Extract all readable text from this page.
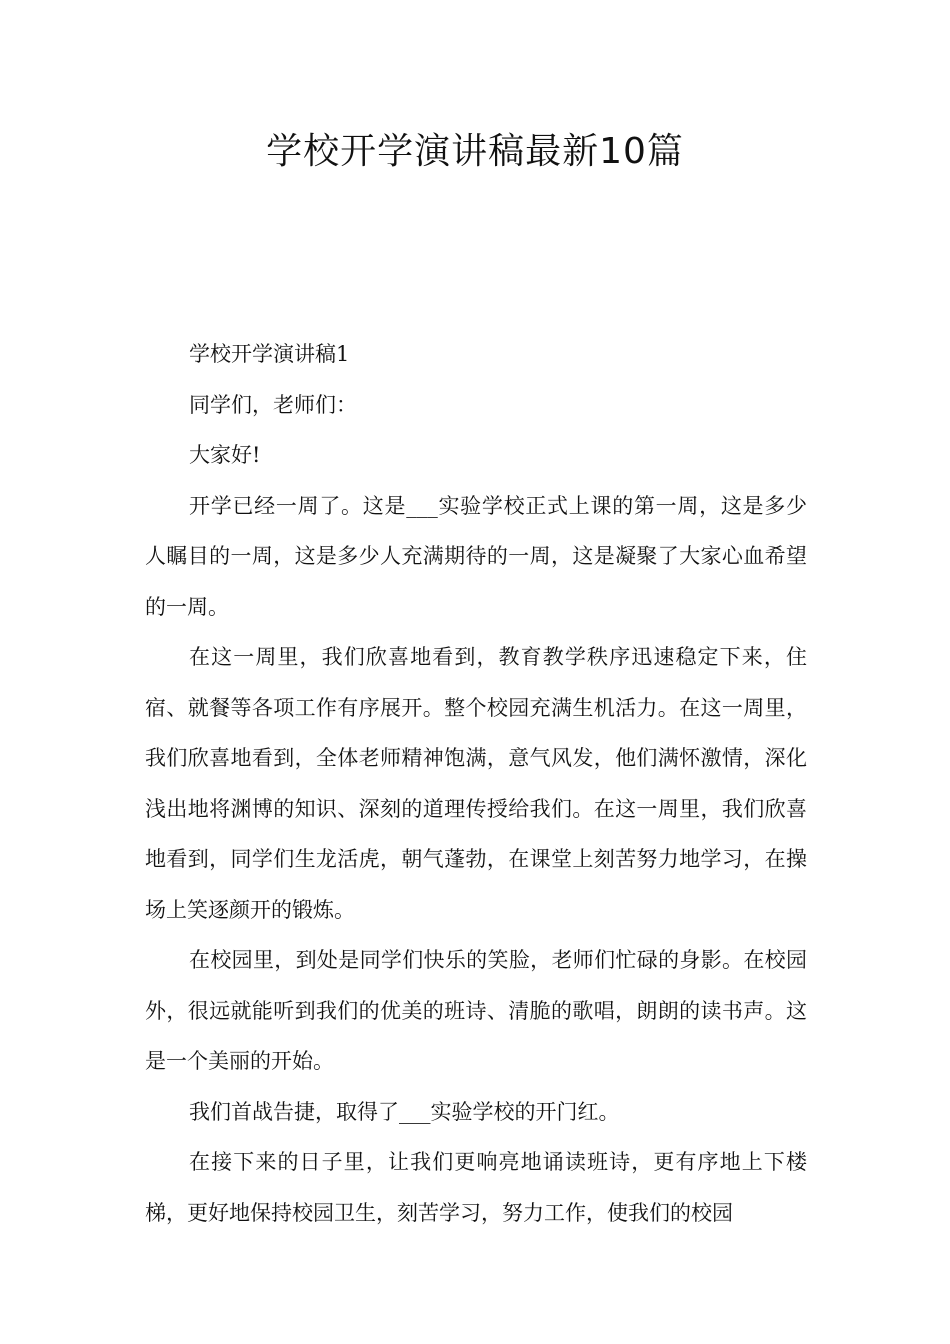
学校开学演讲稿最新10篇

学校开学演讲稿1

同学们，老师们：

大家好!

开学已经一周了。这是___实验学校正式上课的第一周，这是多少人瞩目的一周，这是多少人充满期待的一周，这是凝聚了大家心血希望的一周。

在这一周里，我们欣喜地看到，教育教学秩序迅速稳定下来，住宿、就餐等各项工作有序展开。整个校园充满生机活力。在这一周里，我们欣喜地看到，全体老师精神饱满，意气风发，他们满怀激情，深化浅出地将渊博的知识、深刻的道理传授给我们。在这一周里，我们欣喜地看到，同学们生龙活虎，朝气蓬勃，在课堂上刻苦努力地学习，在操场上笑逐颜开的锻炼。

在校园里，到处是同学们快乐的笑脸，老师们忙碌的身影。在校园外，很远就能听到我们的优美的班诗、清脆的歌唱，朗朗的读书声。这是一个美丽的开始。

我们首战告捷，取得了___实验学校的开门红。

在接下来的日子里，让我们更响亮地诵读班诗，更有序地上下楼梯，更好地保持校园卫生，刻苦学习，努力工作，使我们的校园
